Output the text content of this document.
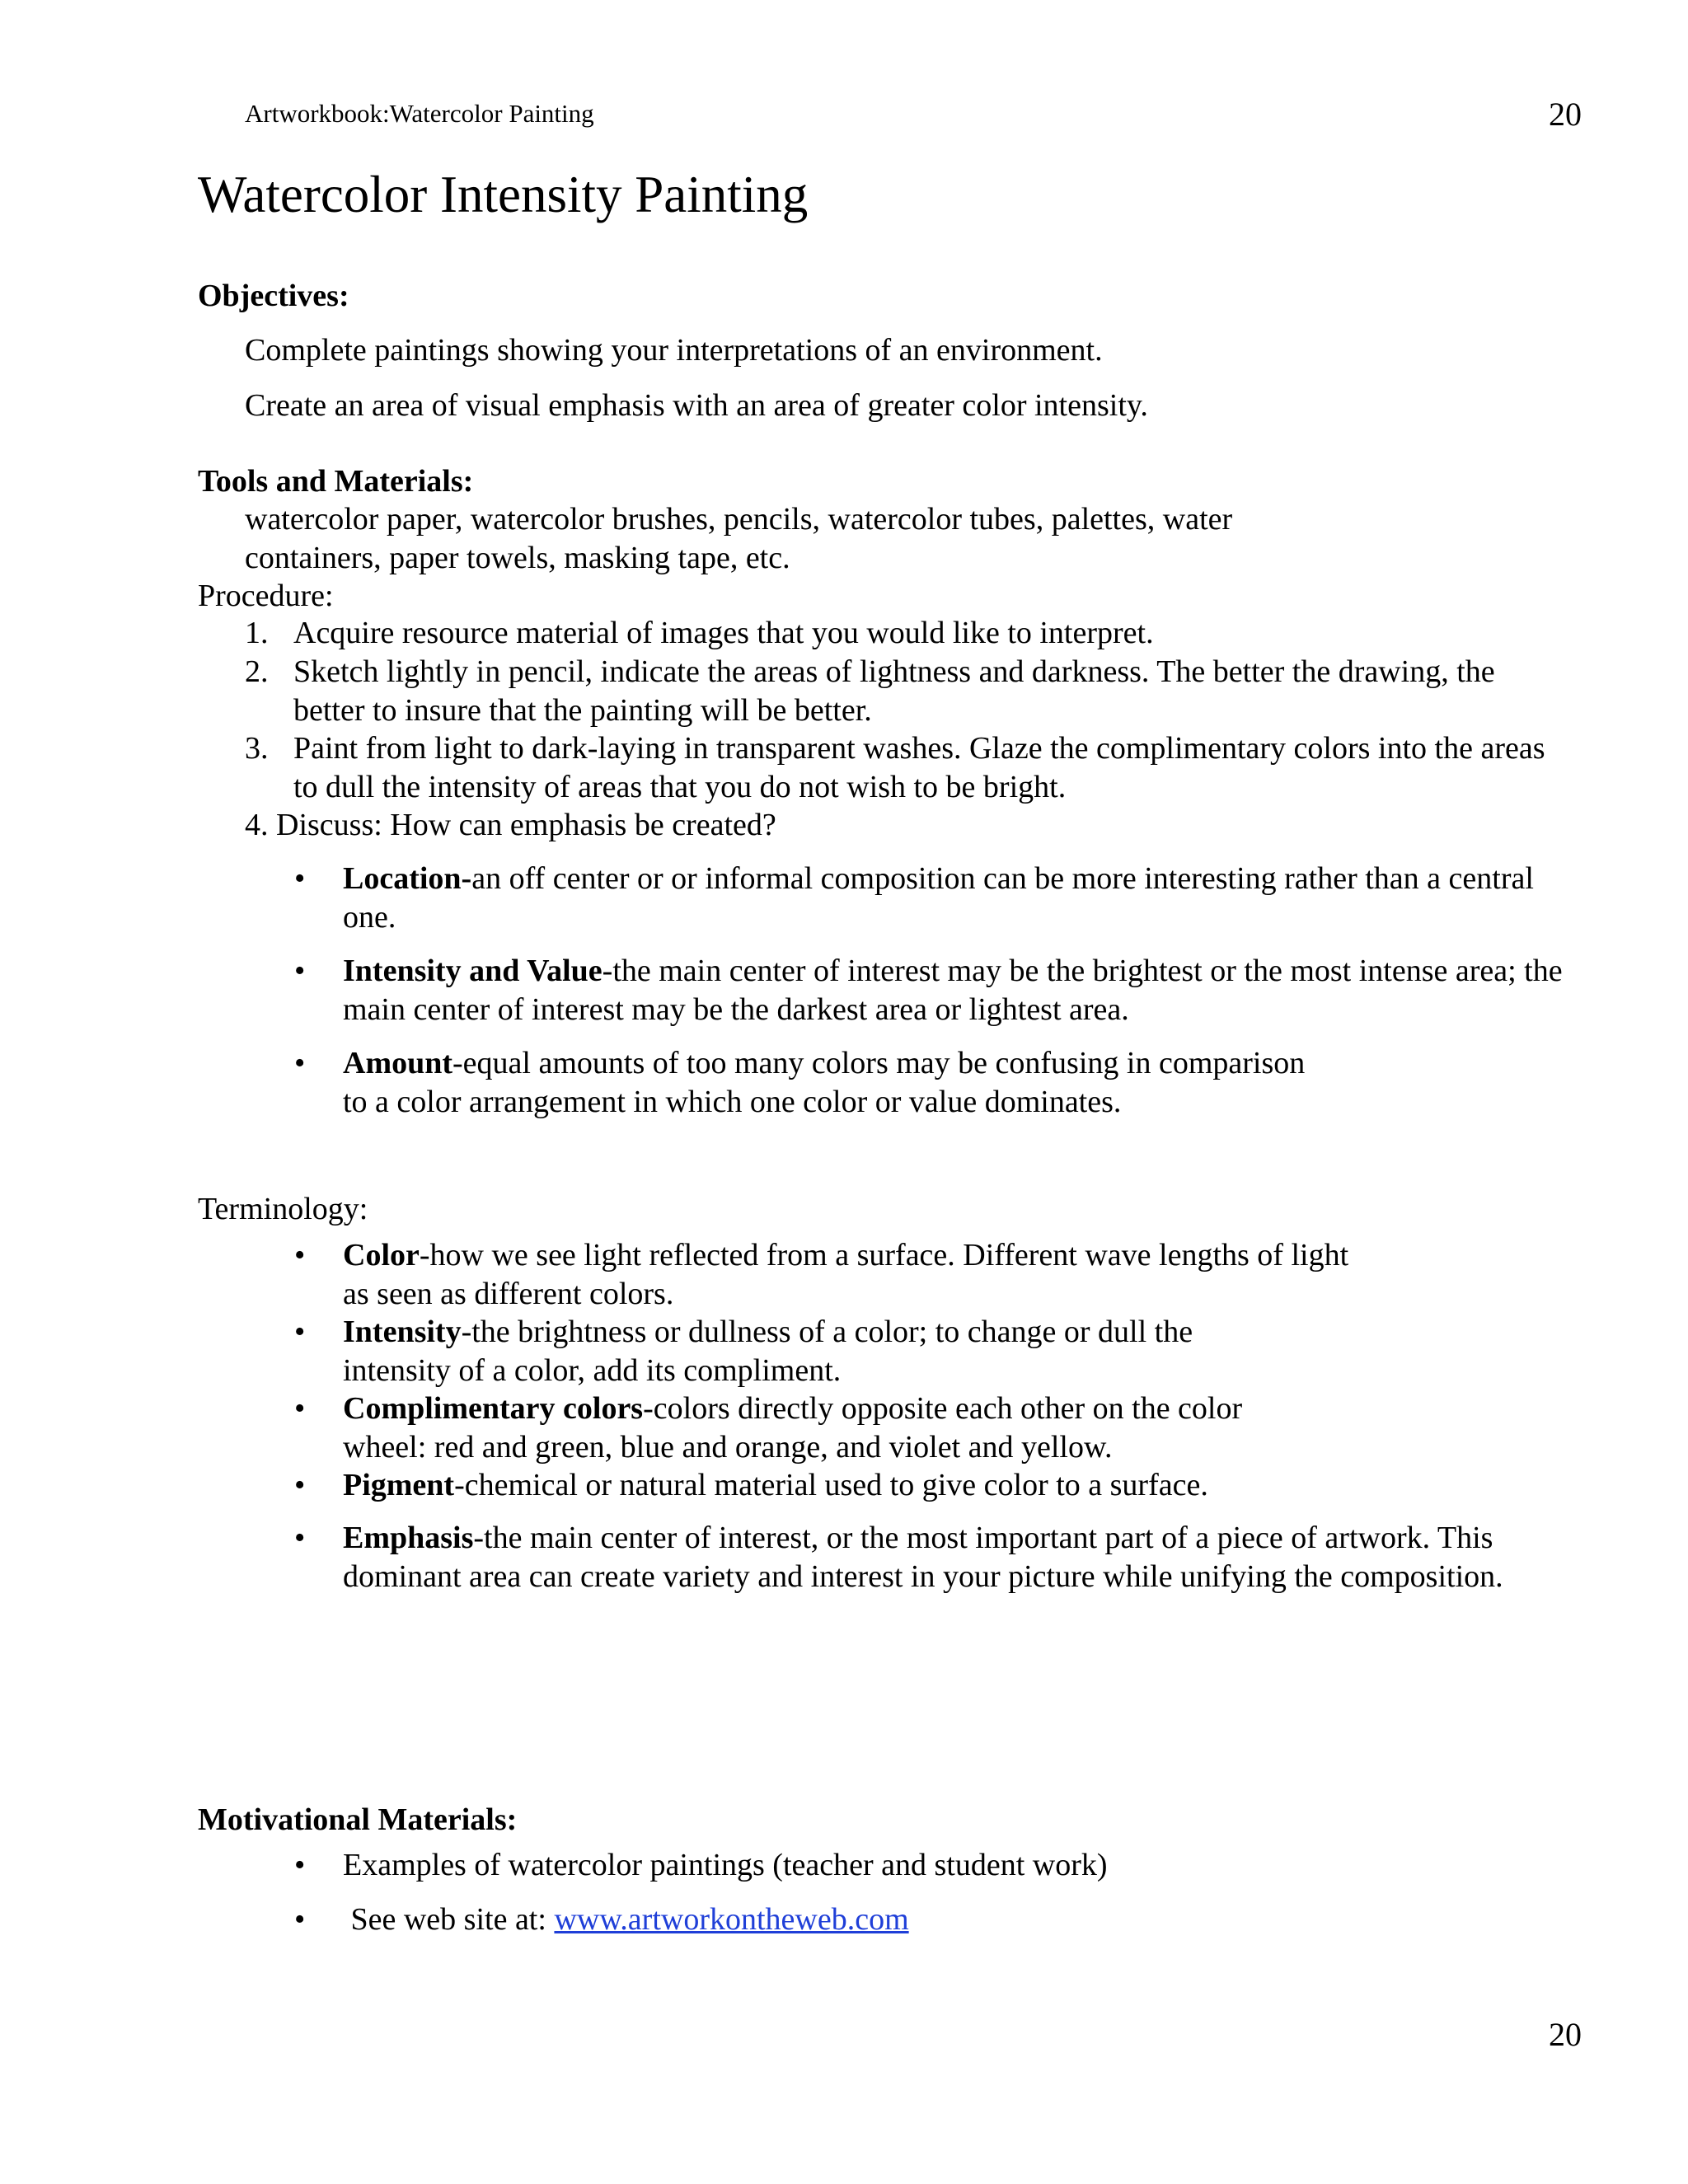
Artworkbook:Watercolor Painting	20
Watercolor Intensity Painting
Objectives:
Complete paintings showing your interpretations of an environment.
Create an area of visual emphasis with an area of greater color intensity.
Tools and Materials:
watercolor paper, watercolor brushes, pencils, watercolor tubes, palettes, water
containers, paper towels, masking tape, etc.
Procedure:
1. Acquire resource material of images that you would like to interpret.
2. Sketch lightly in pencil, indicate the areas of lightness and darkness. The better the drawing, the better to insure that the painting will be better.
3. Paint from light to dark-laying in transparent washes. Glaze the complimentary colors into the areas to dull the intensity of areas that you do not wish to be bright.
4. Discuss: How can emphasis be created?
• Location-an off center or or informal composition can be more interesting rather than a central one.
• Intensity and Value-the main center of interest may be the brightest or the most intense area; the main center of interest may be the darkest area or lightest area.
• Amount-equal amounts of too many colors may be confusing in comparison to a color arrangement in which one color or value dominates.
Terminology:
• Color-how we see light reflected from a surface. Different wave lengths of light as seen as different colors.
• Intensity-the brightness or dullness of a color; to change or dull the intensity of a color, add its compliment.
• Complimentary colors-colors directly opposite each other on the color wheel: red and green, blue and orange, and violet and yellow.
• Pigment-chemical or natural material used to give color to a surface.
• Emphasis-the main center of interest, or the most important part of a piece of artwork. This dominant area can create variety and interest in your picture while unifying the composition.
Motivational Materials:
• Examples of watercolor paintings (teacher and student work)
• See web site at: www.artworkontheweb.com
20
